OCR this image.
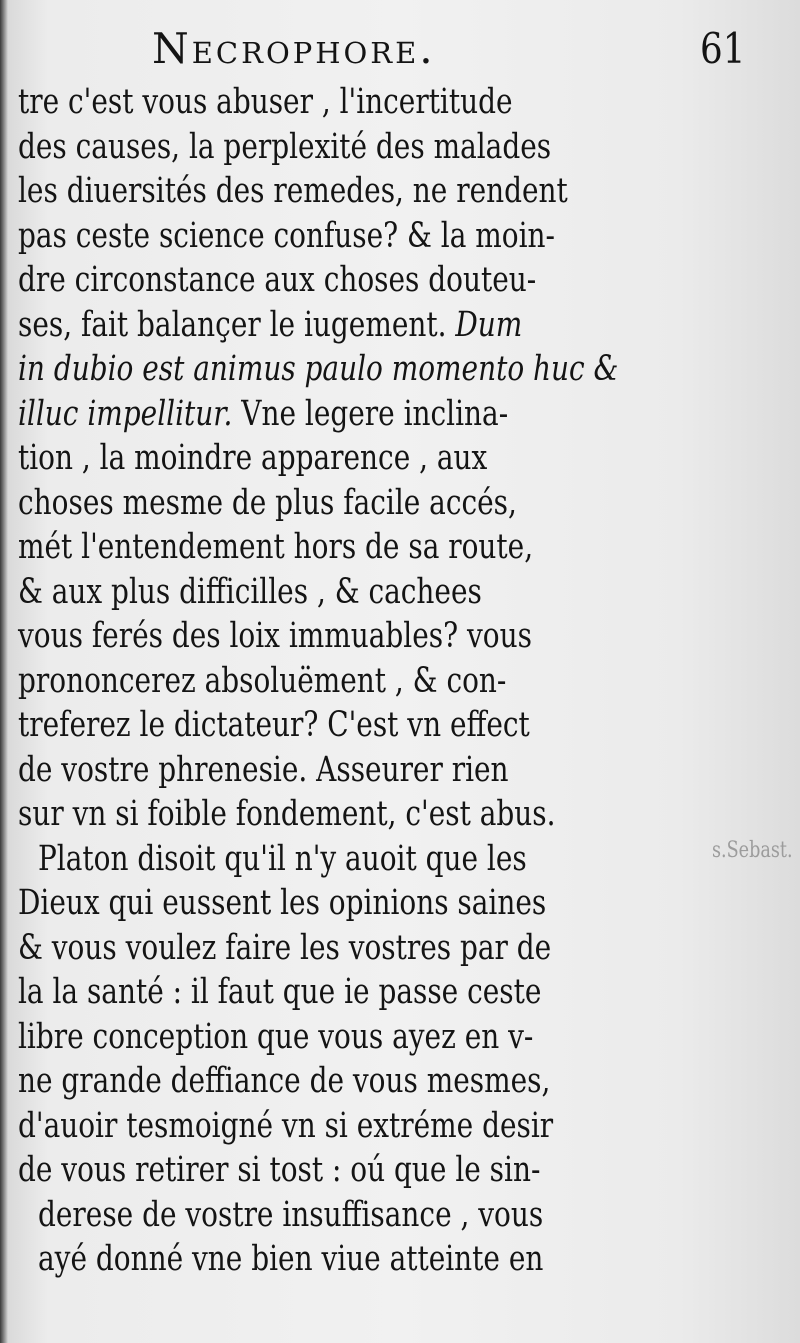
Necrophore.	61
tre c'est vous abuser , l'incertitude
des causes, la perplexité des malades
les diuersités des remedes, ne rendent
pas ceste science confuse? & la moin-
dre circonstance aux choses douteu-
ses, fait balançer le iugement. Dum
in dubio est animus paulo momento huc &
illuc impellitur. Vne legere inclina-
tion , la moindre apparence , aux
choses mesme de plus facile accés,
mét l'entendement hors de sa route,
& aux plus difficilles , & cachees
vous ferés des loix immuables? vous
prononcerez absoluëment , & con-
treferez le dictateur? C'est vn effect
de vostre phrenesie. Asseurer rien
sur vn si foible fondement, c'est abus.
Platon disoit qu'il n'y auoit que les
Dieux qui eussent les opinions saines
& vous voulez faire les vostres par de
la la santé : il faut que ie passe ceste
libre conception que vous ayez en v-
ne grande deffiance de vous mesmes,
d'auoir tesmoigné vn si extréme desir
de vous retirer si tost : oú que le sin-
derese de vostre insuffisance , vous
ayé donné vne bien viue atteinte en
s.Sebast.
